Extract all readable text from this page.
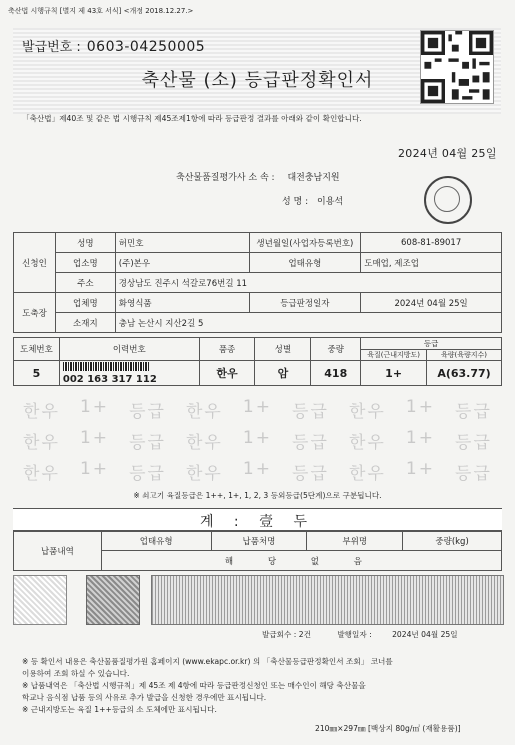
축산법 시행규칙 [별지 제 43호 서식] <개정 2018.12.27.>
발급번호 : 0603-04250005
축산물 (소) 등급판정확인서
「축산법」제40조 및 같은 법 시행규칙 제45조제1항에 따라 등급판정 결과를 아래와 같이 확인합니다.
2024년 04월 25일
축산물품질평가사 소 속 : 대전충남지원
성 명 : 이용석
신청인	성명	허민호	생년월일(사업자등록번호)	608-81-89017
	업소명	(주)본우	업태유형	도매업, 제조업
	주소	경상남도 진주시 석갈로76번길 11		
도축장	업체명	화영식품	등급판정일자	2024년 04월 25일
	소재지	충남 논산시 지산2길 5		
도체번호	이력번호	품종	성별	중량	등급	
					육질(근내지방도)	육량(육량지수)
5	002 163 317 112	한우	암	418	1+	A(63.77)
한우 1+ 등급 한우 1+ 등급 한우 1+ 등급
한우 1+ 등급 한우 1+ 등급 한우 1+ 등급
한우 1+ 등급 한우 1+ 등급 한우 1+ 등급
※ 쇠고기 육질등급은 1++, 1+, 1, 2, 3 등외등급(5단계)으로 구분됩니다.
계 : 壹 두
납품내역	업태유형	납품처명	부위명	중량(kg)
해 당 없 음
발급회수 : 2건	발행일자 :	2024년 04월 25일
※ 등 확인서 내용은 축산물품질평가원 홈페이지 (www.ekapc.or.kr) 의 「축산물등급판정확인서 조회」 코너를
이용하여 조회 하실 수 있습니다.
※ 납품내역은 「축산법 시행규칙」제 45조 제 4항에 따라 등급판정신청인 또는 매수인이 해당 축산물을
학교나 음식점 납품 등의 사유로 추가 발급을 신청한 경우에만 표시됩니다.
※ 근내지방도는 육질 1++등급의 소 도체에만 표시됩니다.
210㎜×297㎜ [백상지 80g/㎡ (재활용품)]
